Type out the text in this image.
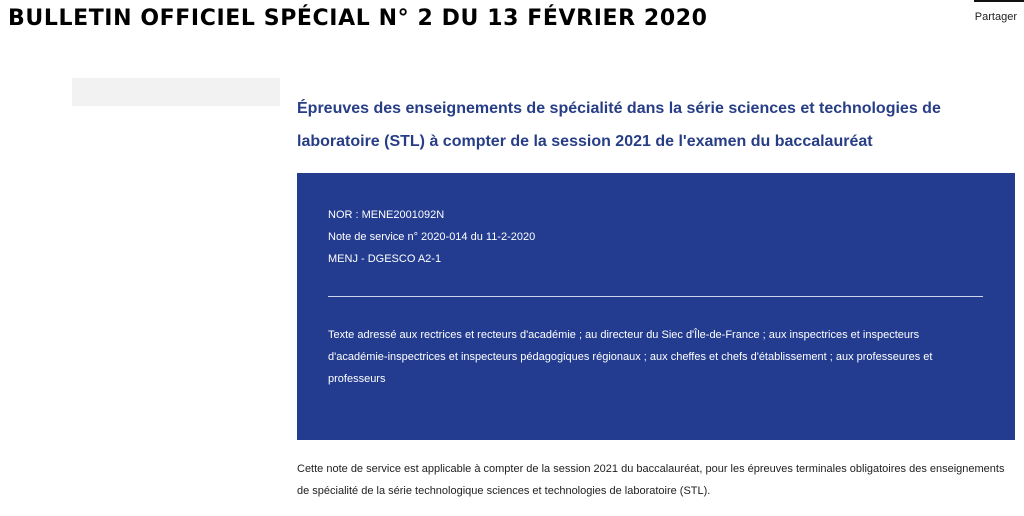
BULLETIN OFFICIEL SPÉCIAL N° 2 DU 13 FÉVRIER 2020	Partager
Épreuves des enseignements de spécialité dans la série sciences et technologies de laboratoire (STL) à compter de la session 2021 de l'examen du baccalauréat
NOR : MENE2001092N
Note de service n° 2020-014 du 11-2-2020
MENJ - DGESCO A2-1
Texte adressé aux rectrices et recteurs d'académie ; au directeur du Siec d'Île-de-France ; aux inspectrices et inspecteurs d'académie-inspectrices et inspecteurs pédagogiques régionaux ; aux cheffes et chefs d'établissement ; aux professeures et professeurs
Cette note de service est applicable à compter de la session 2021 du baccalauréat, pour les épreuves terminales obligatoires des enseignements de spécialité de la série technologique sciences et technologies de laboratoire (STL).
